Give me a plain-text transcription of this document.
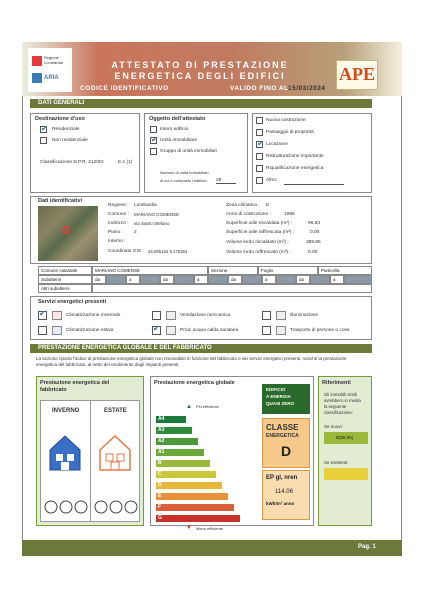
Regione Lombardia
ARIA
ATTESTATO DI PRESTAZIONE
ENERGETICA DEGLI EDIFICI
CODICE IDENTIFICATIVO	VALIDO FINO AL:
15/03/2024
APE
DATI GENERALI
Destinazione d'uso
✔
Residenziale
Non residenziale
Classificazione D.P.R. 412/93:	E.1 (1)
Oggetto dell'attestato
Intero edificio
✔
Unità immobiliare
Gruppo di unità immobiliari
Numero di unità immobiliari
di cui è composto l'edificio: 28
Nuova costruzione
Passaggio di proprietà
✔
Locazione
Ristrutturazione importante
Riqualificazione energetica
Altro:
Dati identificativi
Regione : Lombardia
Comune : MARIANO COMENSE
Indirizzo : via Santo Stefano
Piano : 2
Interno :
Coordinate GIS : 45,695184 9,175364
Zona climatica : E
Anno di costruzione :	1995
Superficie utile riscaldata (m²) :	96.83
Superficie utile raffrescata (m²) :	0.00
Volume lordo riscaldato (m³) :	389.65
Volume lordo raffrescato (m³) :	0.00
Comune catastale	MARIANO COMENSE	Sezione	Foglio	Particella
Subalterni	da	a	da	a	da	a	da	a
Altri subalterni
Servizi energetici presenti
✔
Climatizzazione invernale
Climatizzazione estiva
Ventilazione meccanica
✔
Prod. acqua calda sanitaria
Illuminazione
Trasporto di persone o cose
PRESTAZIONE ENERGETICA GLOBALE E DEL FABBRICATO
La sezione riporta l'indice di prestazione energetica globale non rinnovabile in funzione del fabbricato e dei servizi energetici presenti, nonché la prestazione energetica del fabbricato, al netto del rendimento degli impianti presenti.
Prestazione energetica del
fabbricato
INVERNO	ESTATE
Prestazione energetica globale
Più efficiente
▲
A4
A3
A2
A1
B
C
D
E
F
G
▼ Meno efficiente
EDIFICIO
A ENERGIA
QUASI ZERO
CLASSE
ENERGETICA
D
EP gl, nren
114.06
kWh/m² anno
Riferimenti
Gli immobili simili
avrebbero in media
la seguente
classificazione:
Se nuovi:
B(58,95)
Se esistenti:
Pag. 1
